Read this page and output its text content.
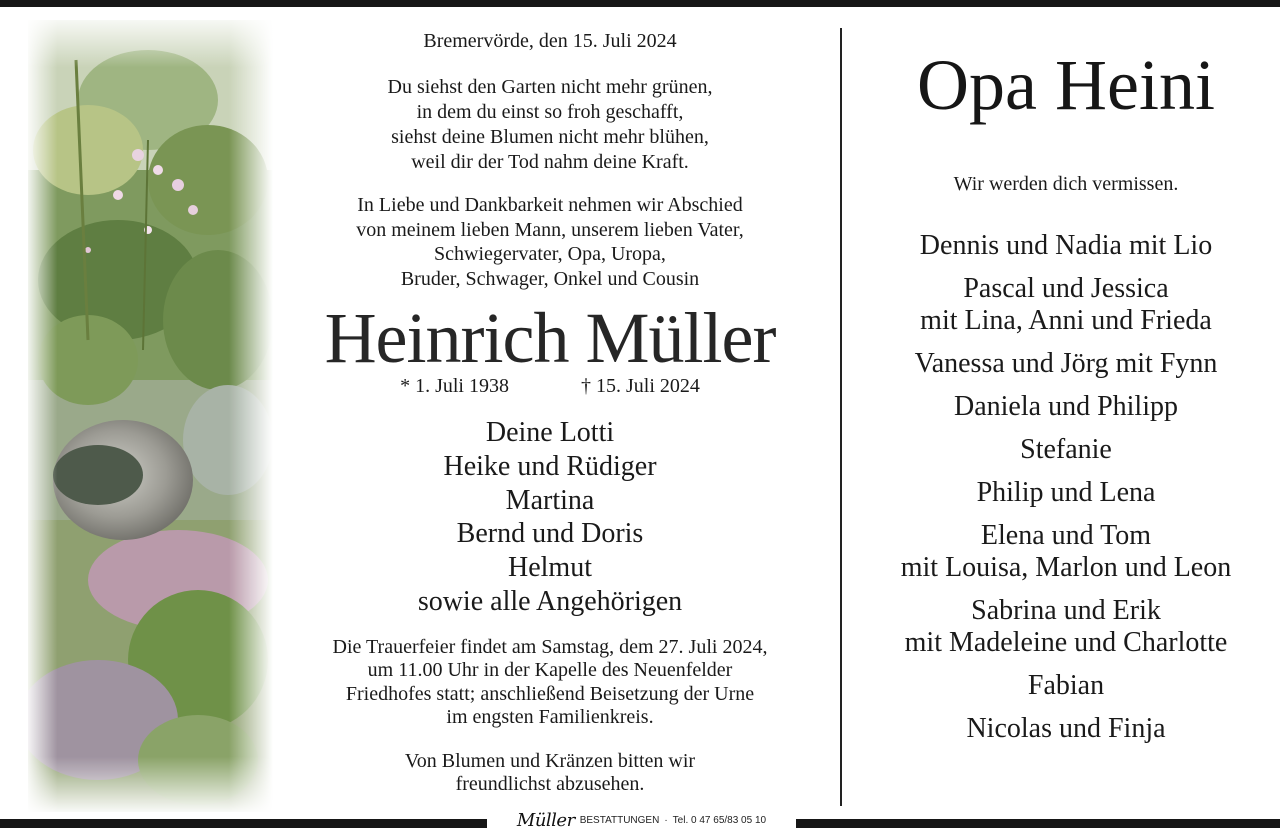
Bremervörde, den 15. Juli 2024
Du siehst den Garten nicht mehr grünen,
in dem du einst so froh geschafft,
siehst deine Blumen nicht mehr blühen,
weil dir der Tod nahm deine Kraft.
In Liebe und Dankbarkeit nehmen wir Abschied
von meinem lieben Mann, unserem lieben Vater,
Schwiegervater, Opa, Uropa,
Bruder, Schwager, Onkel und Cousin
Heinrich Müller
* 1. Juli 1938	† 15. Juli 2024
Deine Lotti
Heike und Rüdiger
Martina
Bernd und Doris
Helmut
sowie alle Angehörigen
Die Trauerfeier findet am Samstag, dem 27. Juli 2024,
um 11.00 Uhr in der Kapelle des Neuenfelder
Friedhofes statt; anschließend Beisetzung der Urne
im engsten Familienkreis.
Von Blumen und Kränzen bitten wir
freundlichst abzusehen.
Opa Heini
Wir werden dich vermissen.
Dennis und Nadia mit Lio
Pascal und Jessica
mit Lina, Anni und Frieda
Vanessa und Jörg mit Fynn
Daniela und Philipp
Stefanie
Philip und Lena
Elena und Tom
mit Louisa, Marlon und Leon
Sabrina und Erik
mit Madeleine und Charlotte
Fabian
Nicolas und Finja
Müller BESTATTUNGEN · Tel. 0 47 65/83 05 10
